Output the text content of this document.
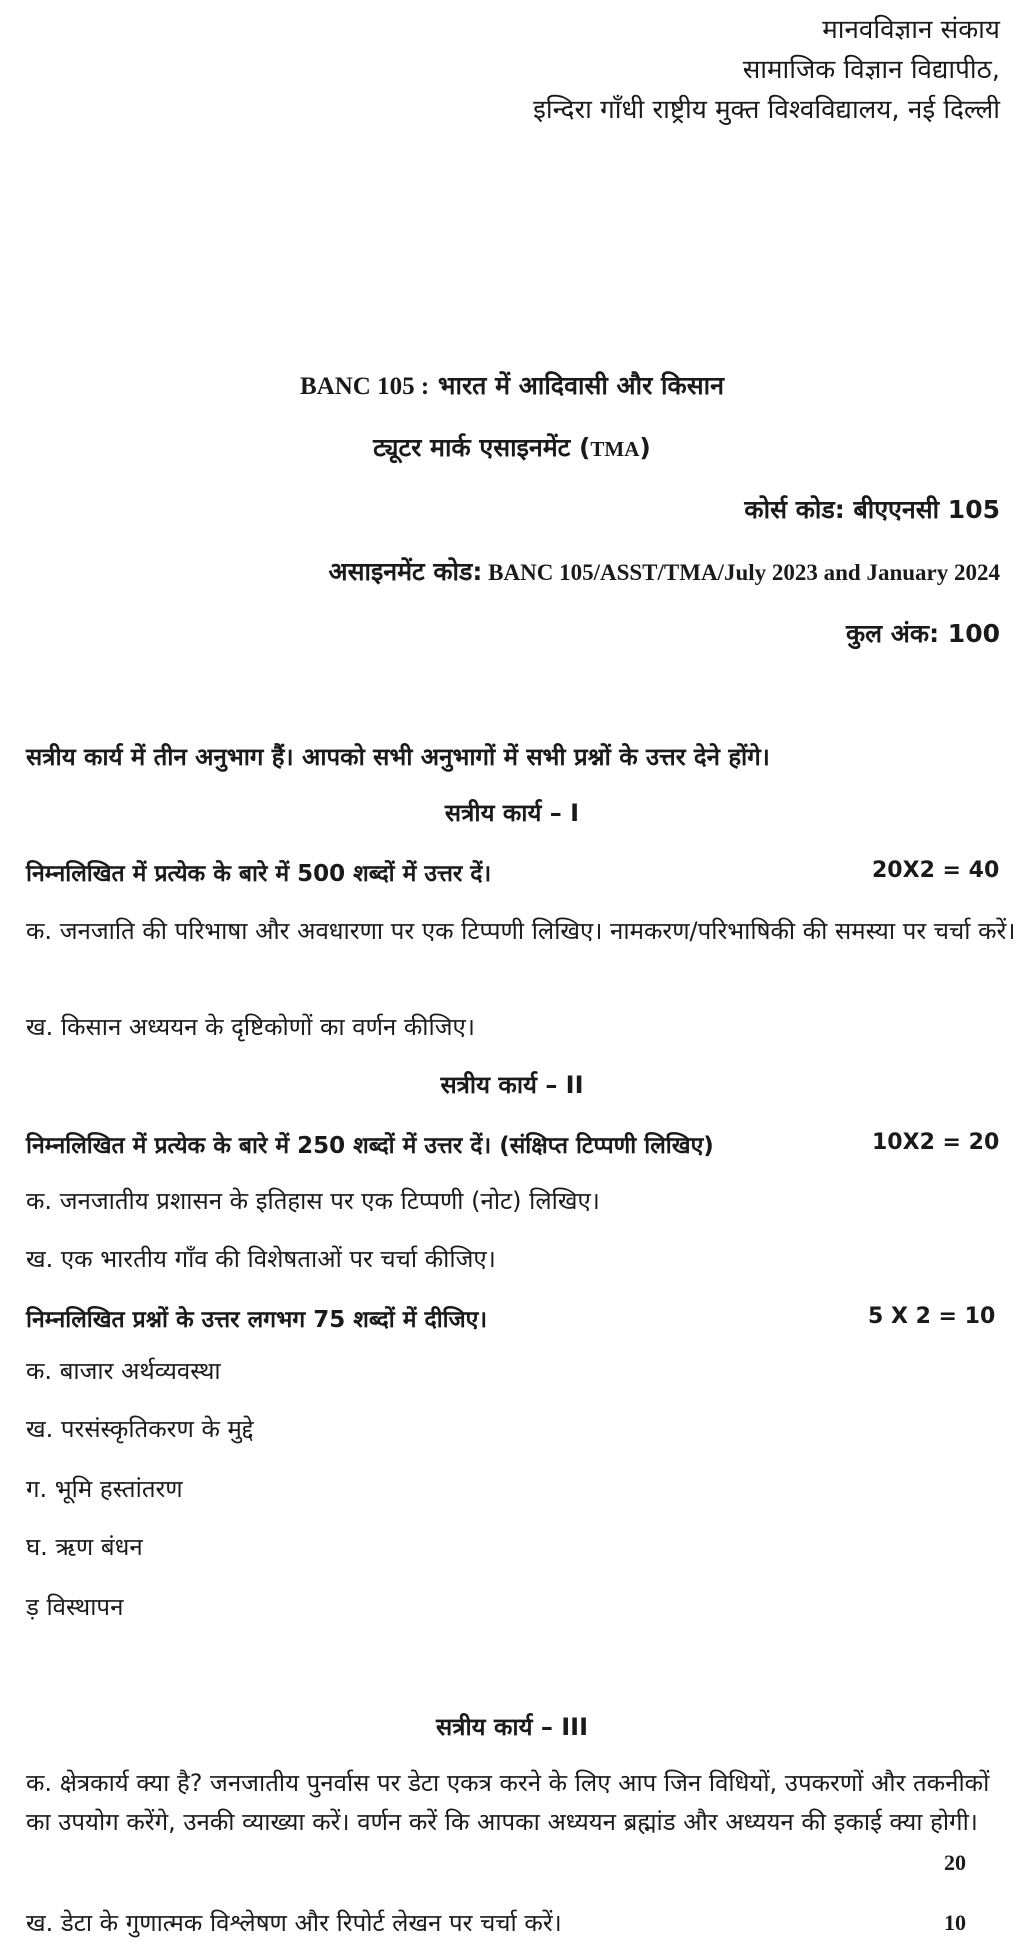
मानवविज्ञान संकाय
सामाजिक विज्ञान विद्यापीठ,
इन्दिरा गाँधी राष्ट्रीय मुक्त विश्वविद्यालय, नई दिल्ली
BANC 105 : भारत में आदिवासी और किसान
ट्यूटर मार्क एसाइनमेंट (TMA)
कोर्स कोड: बीएएनसी 105
असाइनमेंट कोड: BANC 105/ASST/TMA/July 2023 and January 2024
कुल अंक: 100
सत्रीय कार्य में तीन अनुभाग हैं। आपको सभी अनुभागों में सभी प्रश्नों के उत्तर देने होंगे।
सत्रीय कार्य – I
निम्नलिखित में प्रत्येक के बारे में 500 शब्दों में उत्तर दें।	20X2 = 40
क. जनजाति की परिभाषा और अवधारणा पर एक टिप्पणी लिखिए। नामकरण/परिभाषिकी की समस्या पर चर्चा करें।
ख. किसान अध्ययन के दृष्टिकोणों का वर्णन कीजिए।
सत्रीय कार्य – II
निम्नलिखित में प्रत्येक के बारे में 250 शब्दों में उत्तर दें। (संक्षिप्त टिप्पणी लिखिए)	10X2 = 20
क. जनजातीय प्रशासन के इतिहास पर एक टिप्पणी (नोट) लिखिए।
ख. एक भारतीय गाँव की विशेषताओं पर चर्चा कीजिए।
निम्नलिखित प्रश्नों के उत्तर लगभग 75 शब्दों में दीजिए।	5 X 2 = 10
क. बाजार अर्थव्यवस्था
ख. परसंस्कृतिकरण के मुद्दे
ग. भूमि हस्तांतरण
घ. ऋण बंधन
ड़ विस्थापन
सत्रीय कार्य – III
क. क्षेत्रकार्य क्या है? जनजातीय पुनर्वास पर डेटा एकत्र करने के लिए आप जिन विधियों, उपकरणों और तकनीकों का उपयोग करेंगे, उनकी व्याख्या करें। वर्णन करें कि आपका अध्ययन ब्रह्मांड और अध्ययन की इकाई क्या होगी।
20
ख. डेटा के गुणात्मक विश्लेषण और रिपोर्ट लेखन पर चर्चा करें।	10
